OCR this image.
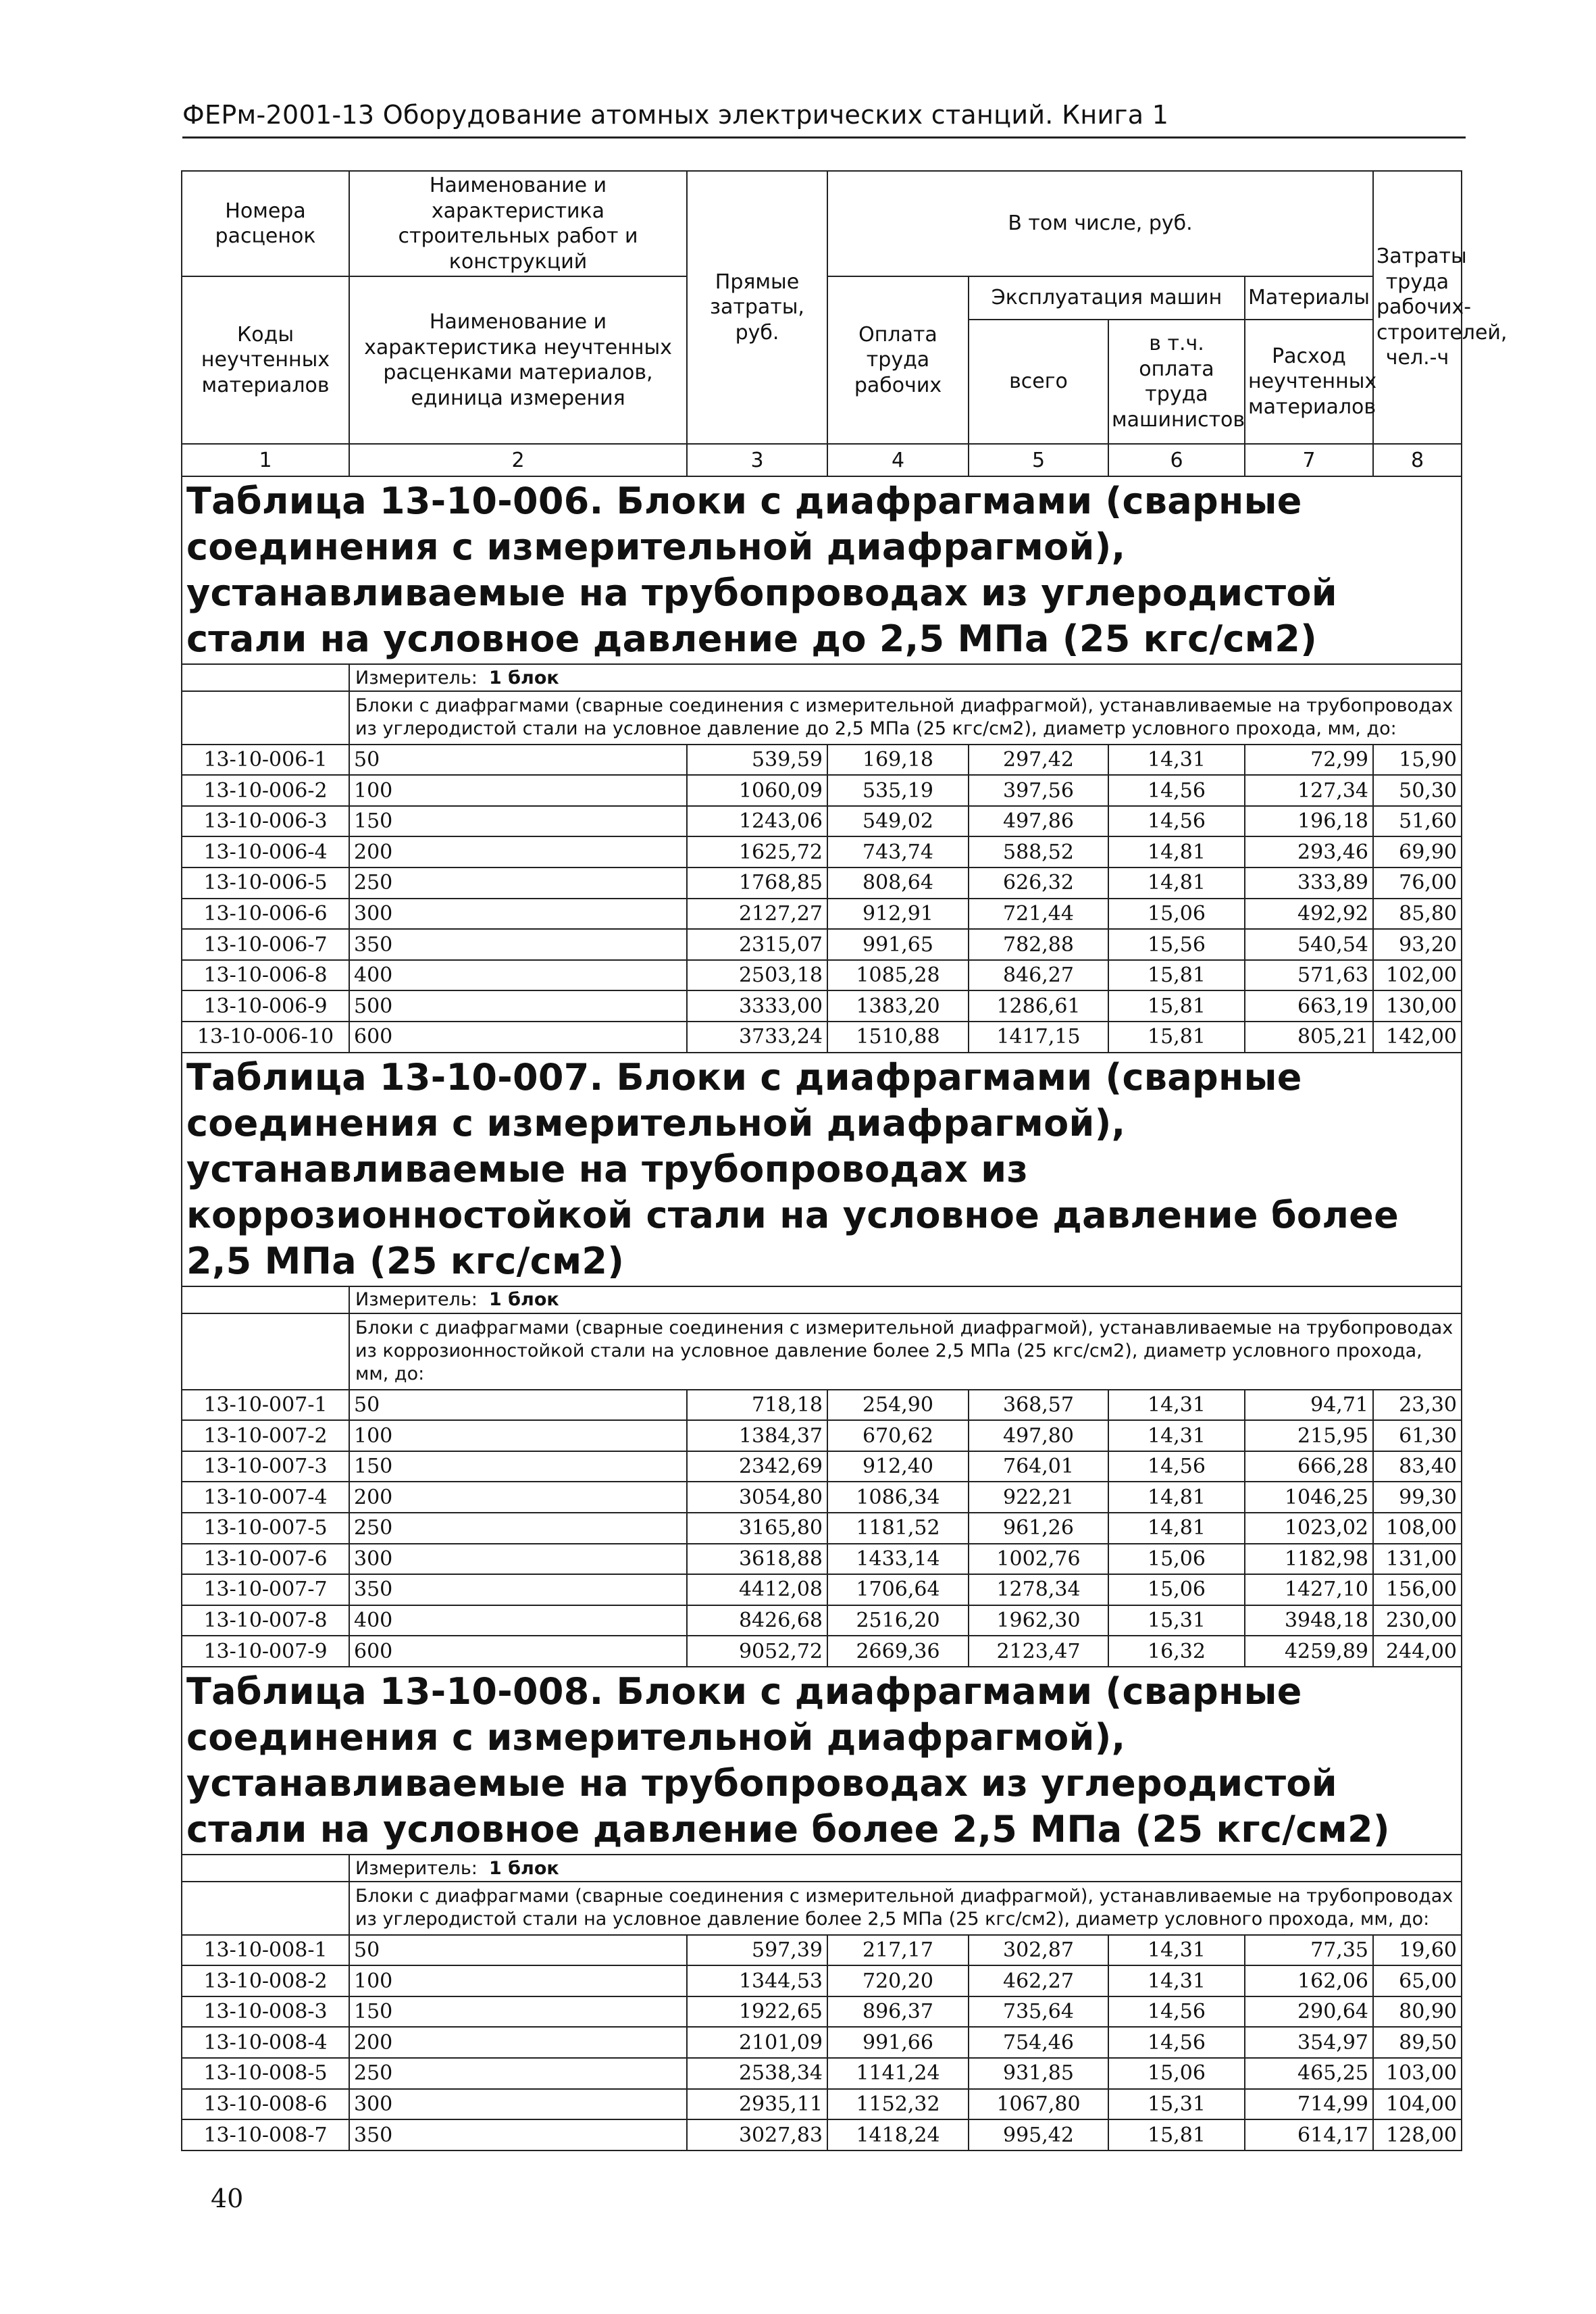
ФЕРм-2001-13 Оборудование атомных электрических станций. Книга 1
Номера расценок	Наименование и характеристика строительных работ и конструкций	Прямые затраты, руб.	В том числе, руб.				Затраты труда рабочих-строителей, чел.-ч
Коды неучтенных материалов	Наименование и характеристика неучтенных расценками материалов, единица измерения		Оплата труда рабочих	Эксплуатация машин		Материалы	
				всего	в т.ч. оплата труда машинистов	Расход неучтенных материалов	
1	2	3	4	5	6	7	8
Таблица 13-10-006. Блоки с диафрагмами (сварные соединения с измерительной диафрагмой), устанавливаемые на трубопроводах из углеродистой стали на условное давление до 2,5 МПа (25 кгс/см2)							
	Измеритель: 1 блок						
	Блоки с диафрагмами (сварные соединения с измерительной диафрагмой), устанавливаемые на трубопроводах из углеродистой стали на условное давление до 2,5 МПа (25 кгс/см2), диаметр условного прохода, мм, до:						
13-10-006-1	50	539,59	169,18	297,42	14,31	72,99	15,90
13-10-006-2	100	1060,09	535,19	397,56	14,56	127,34	50,30
13-10-006-3	150	1243,06	549,02	497,86	14,56	196,18	51,60
13-10-006-4	200	1625,72	743,74	588,52	14,81	293,46	69,90
13-10-006-5	250	1768,85	808,64	626,32	14,81	333,89	76,00
13-10-006-6	300	2127,27	912,91	721,44	15,06	492,92	85,80
13-10-006-7	350	2315,07	991,65	782,88	15,56	540,54	93,20
13-10-006-8	400	2503,18	1085,28	846,27	15,81	571,63	102,00
13-10-006-9	500	3333,00	1383,20	1286,61	15,81	663,19	130,00
13-10-006-10	600	3733,24	1510,88	1417,15	15,81	805,21	142,00
Таблица 13-10-007. Блоки с диафрагмами (сварные соединения с измерительной диафрагмой), устанавливаемые на трубопроводах из коррозионностойкой стали на условное давление более 2,5 МПа (25 кгс/см2)							
	Измеритель: 1 блок						
	Блоки с диафрагмами (сварные соединения с измерительной диафрагмой), устанавливаемые на трубопроводах из коррозионностойкой стали на условное давление более 2,5 МПа (25 кгс/см2), диаметр условного прохода, мм, до:						
13-10-007-1	50	718,18	254,90	368,57	14,31	94,71	23,30
13-10-007-2	100	1384,37	670,62	497,80	14,31	215,95	61,30
13-10-007-3	150	2342,69	912,40	764,01	14,56	666,28	83,40
13-10-007-4	200	3054,80	1086,34	922,21	14,81	1046,25	99,30
13-10-007-5	250	3165,80	1181,52	961,26	14,81	1023,02	108,00
13-10-007-6	300	3618,88	1433,14	1002,76	15,06	1182,98	131,00
13-10-007-7	350	4412,08	1706,64	1278,34	15,06	1427,10	156,00
13-10-007-8	400	8426,68	2516,20	1962,30	15,31	3948,18	230,00
13-10-007-9	600	9052,72	2669,36	2123,47	16,32	4259,89	244,00
Таблица 13-10-008. Блоки с диафрагмами (сварные соединения с измерительной диафрагмой), устанавливаемые на трубопроводах из углеродистой стали на условное давление более 2,5 МПа (25 кгс/см2)							
	Измеритель: 1 блок						
	Блоки с диафрагмами (сварные соединения с измерительной диафрагмой), устанавливаемые на трубопроводах из углеродистой стали на условное давление более 2,5 МПа (25 кгс/см2), диаметр условного прохода, мм, до:						
13-10-008-1	50	597,39	217,17	302,87	14,31	77,35	19,60
13-10-008-2	100	1344,53	720,20	462,27	14,31	162,06	65,00
13-10-008-3	150	1922,65	896,37	735,64	14,56	290,64	80,90
13-10-008-4	200	2101,09	991,66	754,46	14,56	354,97	89,50
13-10-008-5	250	2538,34	1141,24	931,85	15,06	465,25	103,00
13-10-008-6	300	2935,11	1152,32	1067,80	15,31	714,99	104,00
13-10-008-7	350	3027,83	1418,24	995,42	15,81	614,17	128,00
40
